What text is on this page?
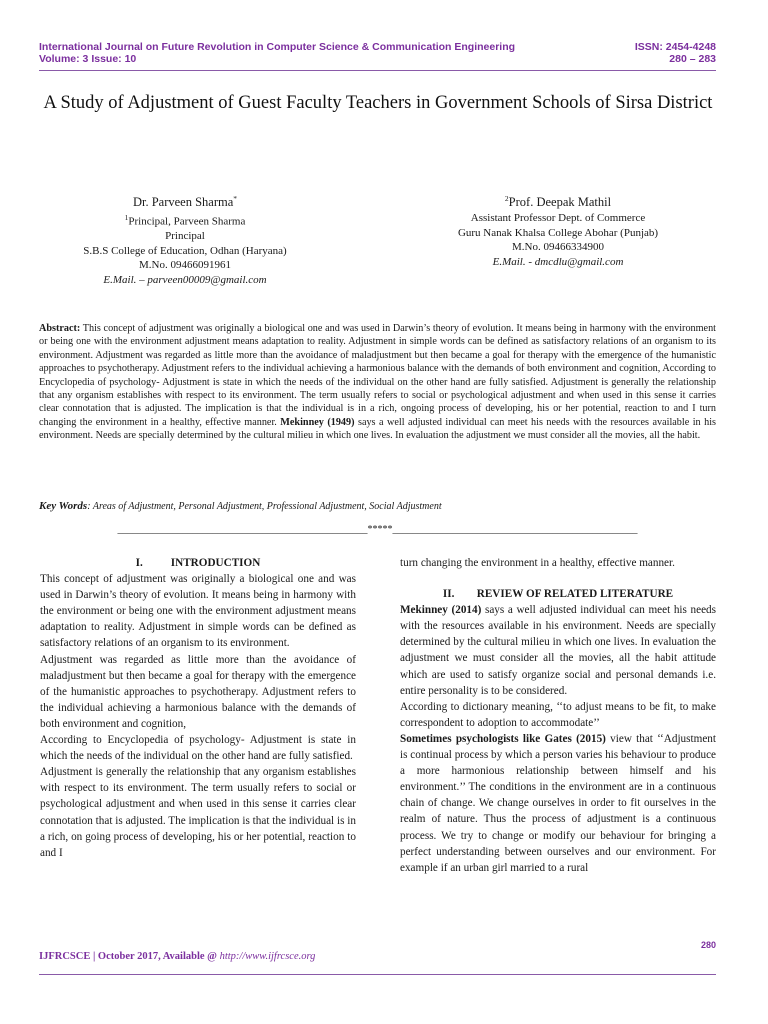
International Journal on Future Revolution in Computer Science & Communication Engineering
Volume: 3 Issue: 10
ISSN: 2454-4248
280 – 283
A Study of Adjustment of Guest Faculty Teachers in Government Schools of Sirsa District
Dr. Parveen Sharma*
$^1$Principal, Parveen Sharma
Principal
S.B.S College of Education, Odhan (Haryana)
M.No. 09466091961
E.Mail. – parveen00009@gmail.com
$^2$Prof. Deepak Mathil
Assistant Professor Dept. of Commerce
Guru Nanak Khalsa College Abohar (Punjab)
M.No. 09466334900
E.Mail. - dmcdlu@gmail.com
Abstract: This concept of adjustment was originally a biological one and was used in Darwin’s theory of evolution. It means being in harmony with the environment or being one with the environment adjustment means adaptation to reality. Adjustment in simple words can be defined as satisfactory relations of an organism to its environment. Adjustment was regarded as little more than the avoidance of maladjustment but then became a goal for therapy with the emergence of the humanistic approaches to psychotherapy. Adjustment refers to the individual achieving a harmonious balance with the demands of both environment and cognition, According to Encyclopedia of psychology- Adjustment is state in which the needs of the individual on the other hand are fully satisfied. Adjustment is generally the relationship that any organism establishes with respect to its environment. The term usually refers to social or psychological adjustment and when used in this sense it carries clear connotation that is adjusted. The implication is that the individual is in a rich, ongoing process of developing, his or her potential, reaction to and I turn changing the environment in a healthy, effective manner. Mekinney (1949) says a well adjusted individual can meet his needs with the resources available in his environment. Needs are specially determined by the cultural milieu in which one lives. In evaluation the adjustment we must consider all the movies, all the habit.
Key Words: Areas of Adjustment, Personal Adjustment, Professional Adjustment, Social Adjustment
__________________________________________________*****_________________________________________________

I.          INTRODUCTION

This concept of adjustment was originally a biological one and was used in Darwin’s theory of evolution. It means being in harmony with the environment or being one with the environment adjustment means adaptation to reality. Adjustment in simple words can be defined as satisfactory relations of an organism to its environment.

Adjustment was regarded as little more than the avoidance of maladjustment but then became a goal for therapy with the emergence of the humanistic approaches to psychotherapy. Adjustment refers to the individual achieving a harmonious balance with the demands of both environment and cognition,

According to Encyclopedia of psychology- Adjustment is state in which the needs of the individual on the other hand are fully satisfied.

Adjustment is generally the relationship that any organism establishes with respect to its environment. The term usually refers to social or psychological adjustment and when used in this sense it carries clear connotation that is adjusted. The implication is that the individual is in a rich, on going process of developing, his or her potential, reaction to and I

turn changing the environment in a healthy, effective manner.

II.        REVIEW OF RELATED LITERATURE

Mekinney (2014) says a well adjusted individual can meet his needs with the resources available in his environment. Needs are specially determined by the cultural milieu in which one lives. In evaluation the adjustment we must consider all the movies, all the habit attitude which are used to satisfy organize social and personal demands i.e. entire personality is to be considered.

According to dictionary meaning, ‘‘to adjust means to be fit, to make correspondent to adoption to accommodate’’

Sometimes psychologists like Gates (2015) view that ‘‘Adjustment is continual process by which a person varies his behaviour to produce a more harmonious relationship between himself and his environment.’’ The conditions in the environment are in a continuous chain of change. We change ourselves in order to fit ourselves in the realm of nature. Thus the process of adjustment is a continuous process. We try to change or modify our behaviour for bringing a perfect understanding between ourselves and our environment. For example if an urban girl married to a rural

280
IJFRCSCE | October 2017, Available @ http://www.ijfrcsce.org
